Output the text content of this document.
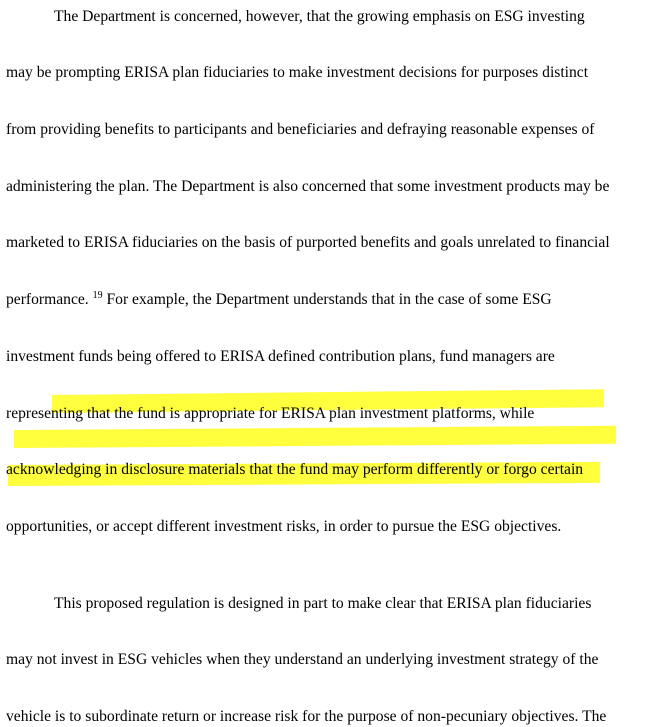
The Department is concerned, however, that the growing emphasis on ESG investing
may be prompting ERISA plan fiduciaries to make investment decisions for purposes distinct
from providing benefits to participants and beneficiaries and defraying reasonable expenses of
administering the plan. The Department is also concerned that some investment products may be
marketed to ERISA fiduciaries on the basis of purported benefits and goals unrelated to financial
performance. $^{19}$ For example, the Department understands that in the case of some ESG
investment funds being offered to ERISA defined contribution plans, fund managers are
representing that the fund is appropriate for ERISA plan investment platforms, while
acknowledging in disclosure materials that the fund may perform differently or forgo certain
opportunities, or accept different investment risks, in order to pursue the ESG objectives.
This proposed regulation is designed in part to make clear that ERISA plan fiduciaries
may not invest in ESG vehicles when they understand an underlying investment strategy of the
vehicle is to subordinate return or increase risk for the purpose of non-pecuniary objectives. The
